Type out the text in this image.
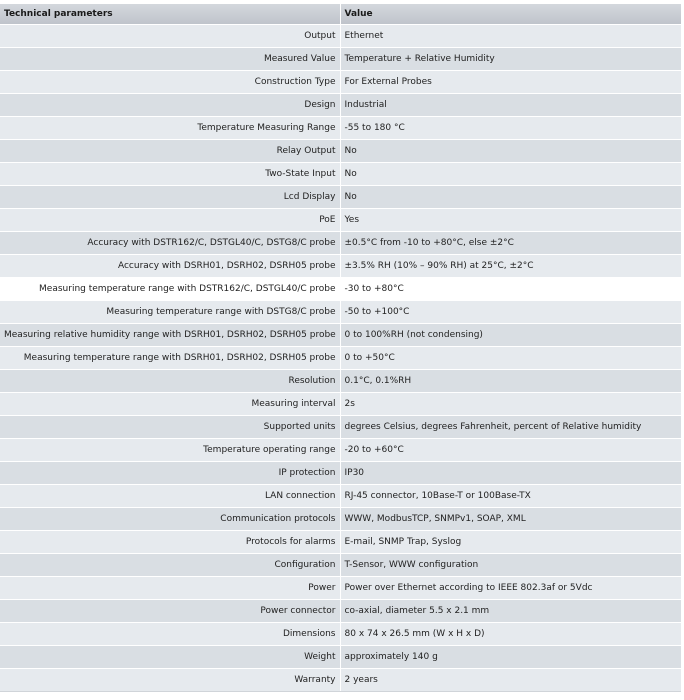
Technical parameters	Value
Output	Ethernet
Measured Value	Temperature + Relative Humidity
Construction Type	For External Probes
Design	Industrial
Temperature Measuring Range	-55 to 180 °C
Relay Output	No
Two-State Input	No
Lcd Display	No
PoE	Yes
Accuracy with DSTR162/C, DSTGL40/C, DSTG8/C probe	±0.5°C from -10 to +80°C, else ±2°C
Accuracy with DSRH01, DSRH02, DSRH05 probe	±3.5% RH (10% – 90% RH) at 25°C, ±2°C
Measuring temperature range with DSTR162/C, DSTGL40/C probe	-30 to +80°C
Measuring temperature range with DSTG8/C probe	-50 to +100°C
Measuring relative humidity range with DSRH01, DSRH02, DSRH05 probe	0 to 100%RH (not condensing)
Measuring temperature range with DSRH01, DSRH02, DSRH05 probe	0 to +50°C
Resolution	0.1°C, 0.1%RH
Measuring interval	2s
Supported units	degrees Celsius, degrees Fahrenheit, percent of Relative humidity
Temperature operating range	-20 to +60°C
IP protection	IP30
LAN connection	RJ-45 connector, 10Base-T or 100Base-TX
Communication protocols	WWW, ModbusTCP, SNMPv1, SOAP, XML
Protocols for alarms	E-mail, SNMP Trap, Syslog
Configuration	T-Sensor, WWW configuration
Power	Power over Ethernet according to IEEE 802.3af or 5Vdc
Power connector	co-axial, diameter 5.5 x 2.1 mm
Dimensions	80 x 74 x 26.5 mm (W x H x D)
Weight	approximately 140 g
Warranty	2 years
